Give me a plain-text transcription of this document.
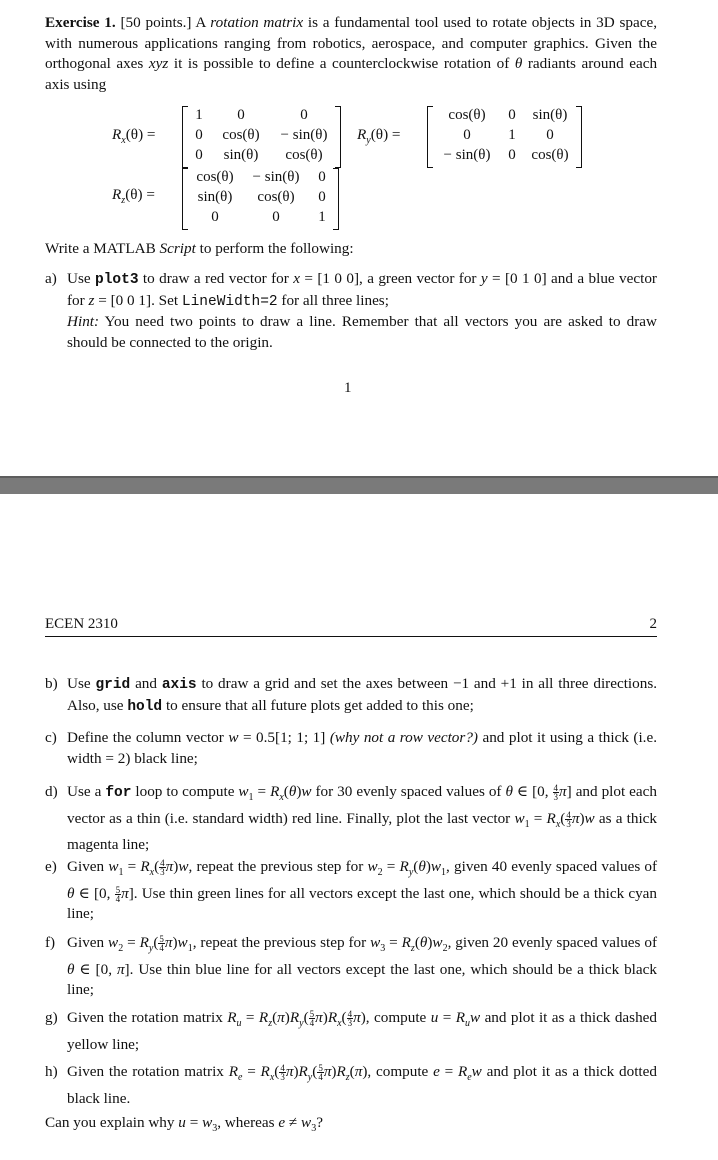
Exercise 1. [50 points.] A rotation matrix is a fundamental tool used to rotate objects in 3D space, with numerous applications ranging from robotics, aerospace, and computer graphics. Given the orthogonal axes xyz it is possible to define a counterclockwise rotation of θ radiants around each axis using

$R_x(\theta)$ =
1	0	0
0	cos(θ)	− sin(θ)
0	sin(θ)	cos(θ)
$R_y(\theta)$ =
cos(θ)	0	sin(θ)
0	1	0
− sin(θ)	0	cos(θ)
$R_z(\theta)$ =
cos(θ)	− sin(θ)	0
sin(θ)	cos(θ)	0
0	0	1

Write a MATLAB Script to perform the following:

a) Use plot3 to draw a red vector for x = [1 0 0], a green vector for y = [0 1 0] and a blue vector for z = [0 0 1]. Set LineWidth=2 for all three lines;
Hint: You need two points to draw a line. Remember that all vectors you are asked to draw should be connected to the origin.
1
ECEN 2310	2
b) Use grid and axis to draw a grid and set the axes between −1 and +1 in all three directions. Also, use hold to ensure that all future plots get added to this one;
c) Define the column vector w = 0.5[1; 1; 1] (why not a row vector?) and plot it using a thick (i.e. width = 2) black line;
d) Use a for loop to compute $w_1 = R_x(\theta)w$ for 30 evenly spaced values of θ ∈ [0, $\frac{4}{3} \pi$] and plot each vector as a thin (i.e. standard width) red line. Finally, plot the last vector $w_1 = R_x( \frac{4}{3} \pi)w$ as a thick magenta line;
e) Given $w_1 = R_x( \frac{4}{3} \pi)w$, repeat the previous step for $w_2 = R_y(\theta)w_1$, given 40 evenly spaced values of θ ∈ [0, $\frac{5}{4} \pi$]. Use thin green lines for all vectors except the last one, which should be a thick cyan line;
f) Given $w_2 = R_y( \frac{5}{4} \pi)w_1$, repeat the previous step for $w_3 = R_z(\theta)w_2$, given 20 evenly spaced values of θ ∈ [0, π]. Use thin blue line for all vectors except the last one, which should be a thick black line;
g) Given the rotation matrix $R_u = R_z(\pi)R_y( \frac{5}{4} \pi)R_x( \frac{4}{3} \pi)$, compute $u = R_uw$ and plot it as a thick dashed yellow line;
h) Given the rotation matrix $R_e = R_x( \frac{4}{3} \pi)R_y( \frac{5}{4} \pi)R_z(\pi)$, compute $e = R_ew$ and plot it as a thick dotted black line.

Can you explain why $u = w_3$, whereas $e \ne w_3$?
